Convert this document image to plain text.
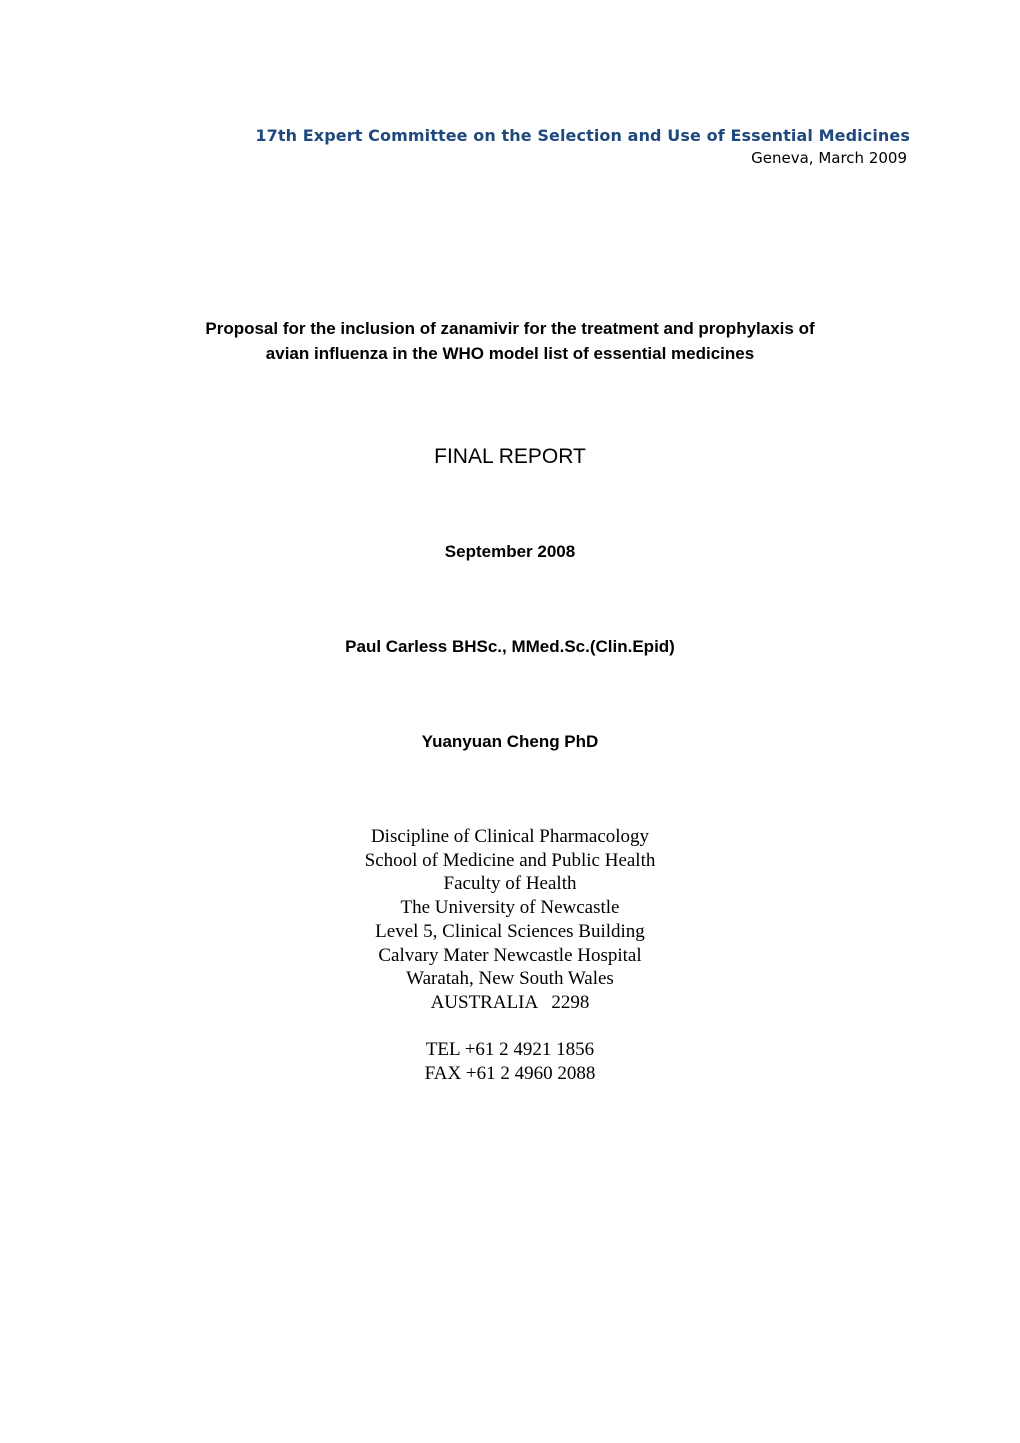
17th Expert Committee on the Selection and Use of Essential Medicines
Geneva, March 2009
Proposal for the inclusion of zanamivir for the treatment and prophylaxis of
avian influenza in the WHO model list of essential medicines
FINAL REPORT
September 2008
Paul Carless BHSc., MMed.Sc.(Clin.Epid)
Yuanyuan Cheng PhD
Discipline of Clinical Pharmacology
School of Medicine and Public Health
Faculty of Health
The University of Newcastle
Level 5, Clinical Sciences Building
Calvary Mater Newcastle Hospital
Waratah, New South Wales
AUSTRALIA   2298
TEL +61 2 4921 1856
FAX +61 2 4960 2088
